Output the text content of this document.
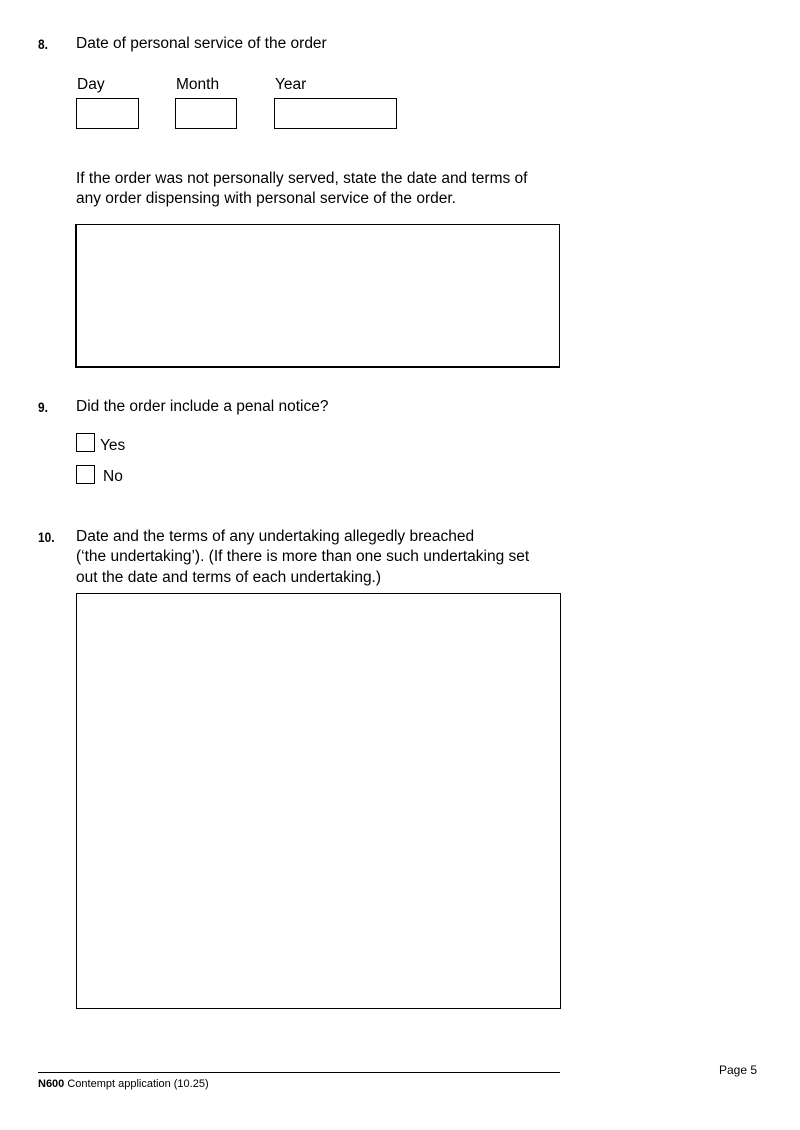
8. Date of personal service of the order
Day	Month	Year
If the order was not personally served, state the date and terms of
any order dispensing with personal service of the order.
9. Did the order include a penal notice?
Yes
No
10. Date and the terms of any undertaking allegedly breached
(‘the undertaking’). (If there is more than one such undertaking set
out the date and terms of each undertaking.)
N600 Contempt application (10.25)
Page 5
